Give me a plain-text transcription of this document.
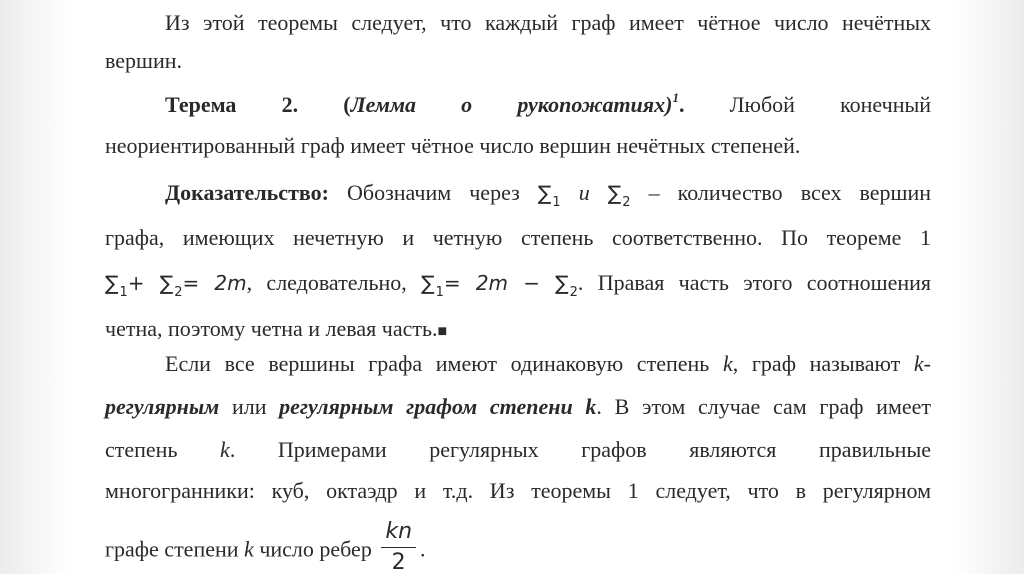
Из этой теоремы следует, что каждый граф имеет чётное число нечётных
вершин.
Терема 2. (Лемма о рукопожатиях)$^1$. Любой конечный
неориентированный граф имеет чётное число вершин нечётных степеней.
Доказательство: Обозначим через $\sum_1$ и $\sum_2$ – количество всех вершин
графа, имеющих нечетную и четную степень соответственно. По теореме 1
$\sum_1+ \sum_2= 2m$, следовательно, $\sum_1= 2m - \sum_2$. Правая часть этого соотношения
четна, поэтому четна и левая часть.■
Если все вершины графа имеют одинаковую степень k, граф называют k-
регулярным или регулярным графом степени k. В этом случае сам граф имеет
степень k. Примерами регулярных графов являются правильные
многогранники: куб, октаэдр и т.д. Из теоремы 1 следует, что в регулярном
графе степени k число ребер $\frac{kn}{2}$ .
